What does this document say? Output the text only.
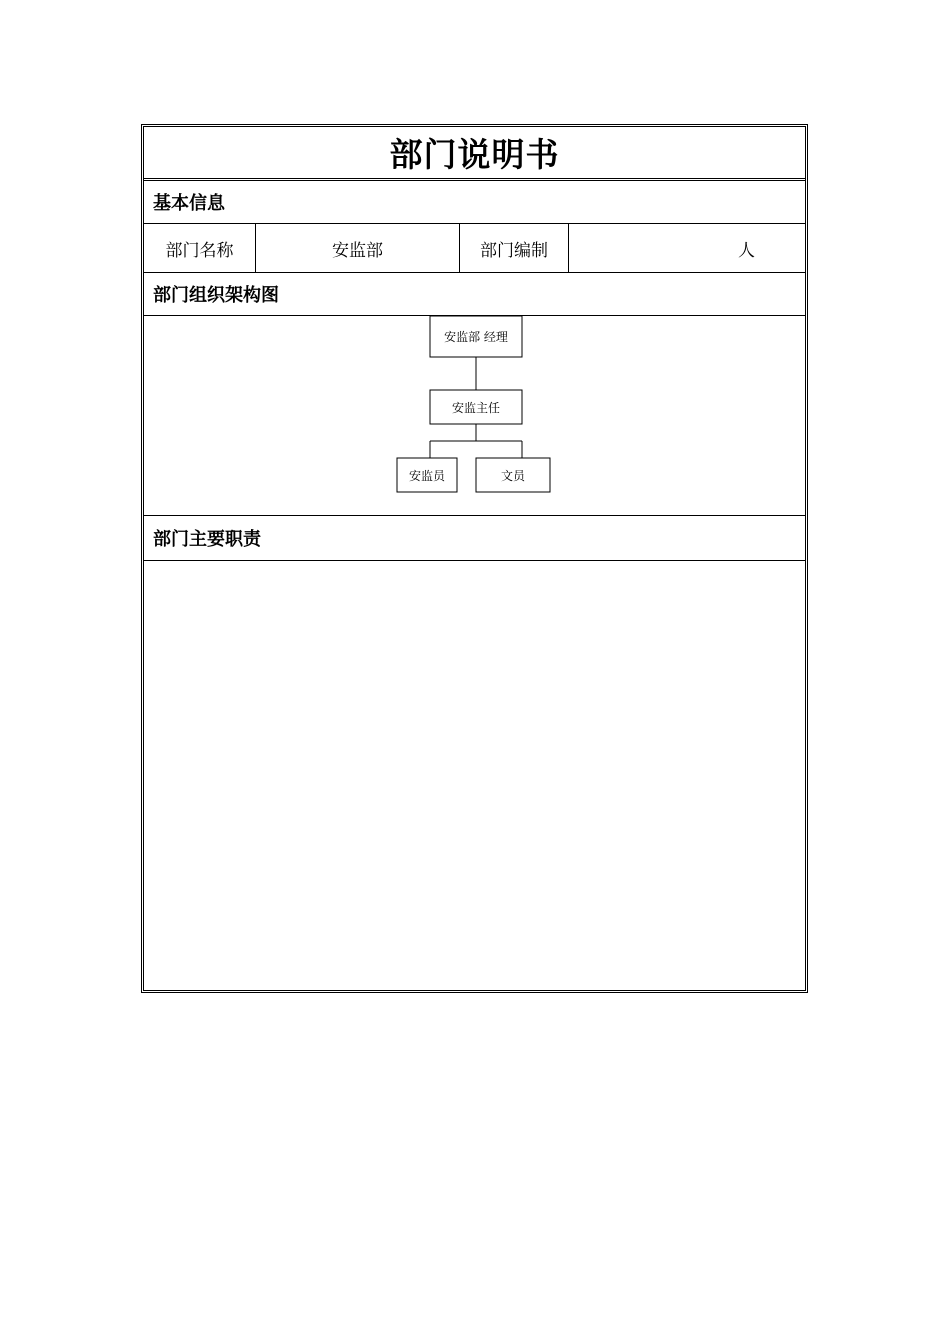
部门说明书
基本信息
部门名称	安监部	部门编制	人
部门组织架构图
安监部 经理
安监主任
安监员	文员
部门主要职责
